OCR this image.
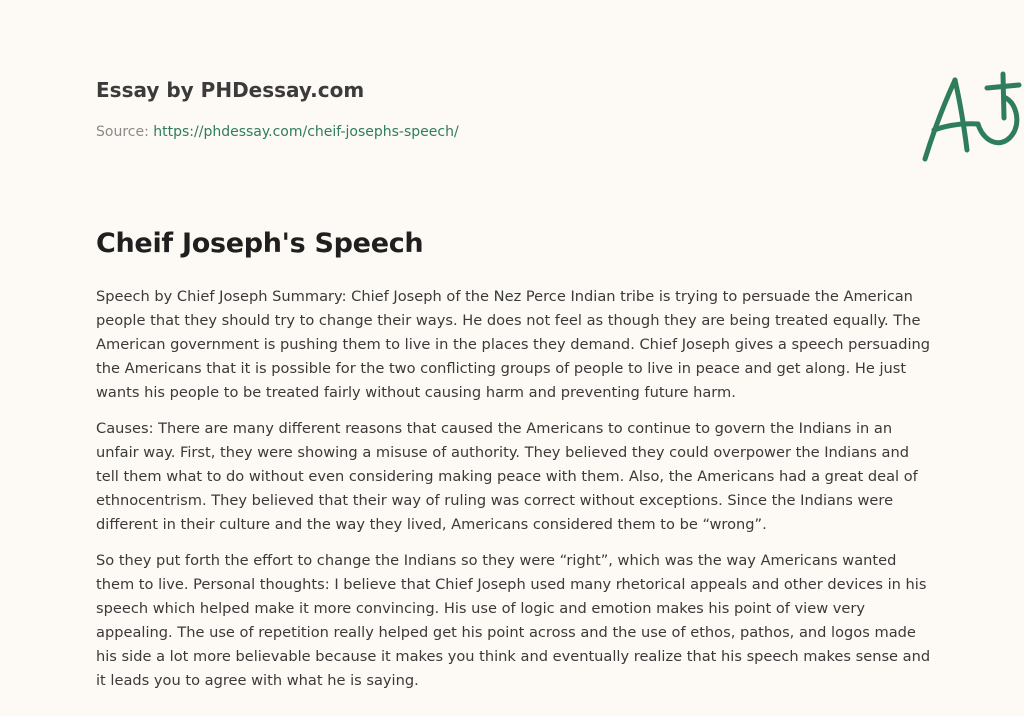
Essay by PHDessay.com
Source: https://phdessay.com/cheif-josephs-speech/
Cheif Joseph's Speech

Speech by Chief Joseph Summary: Chief Joseph of the Nez Perce Indian tribe is trying to persuade the American people that they should try to change their ways. He does not feel as though they are being treated equally. The American government is pushing them to live in the places they demand. Chief Joseph gives a speech persuading the Americans that it is possible for the two conflicting groups of people to live in peace and get along. He just wants his people to be treated fairly without causing harm and preventing future harm.

Causes: There are many different reasons that caused the Americans to continue to govern the Indians in an unfair way. First, they were showing a misuse of authority. They believed they could overpower the Indians and tell them what to do without even considering making peace with them. Also, the Americans had a great deal of ethnocentrism. They believed that their way of ruling was correct without exceptions. Since the Indians were different in their culture and the way they lived, Americans considered them to be “wrong”.

So they put forth the effort to change the Indians so they were “right”, which was the way Americans wanted them to live. Personal thoughts: I believe that Chief Joseph used many rhetorical appeals and other devices in his speech which helped make it more convincing. His use of logic and emotion makes his point of view very appealing. The use of repetition really helped get his point across and the use of ethos, pathos, and logos made his side a lot more believable because it makes you think and eventually realize that his speech makes sense and it leads you to agree with what he is saying.
